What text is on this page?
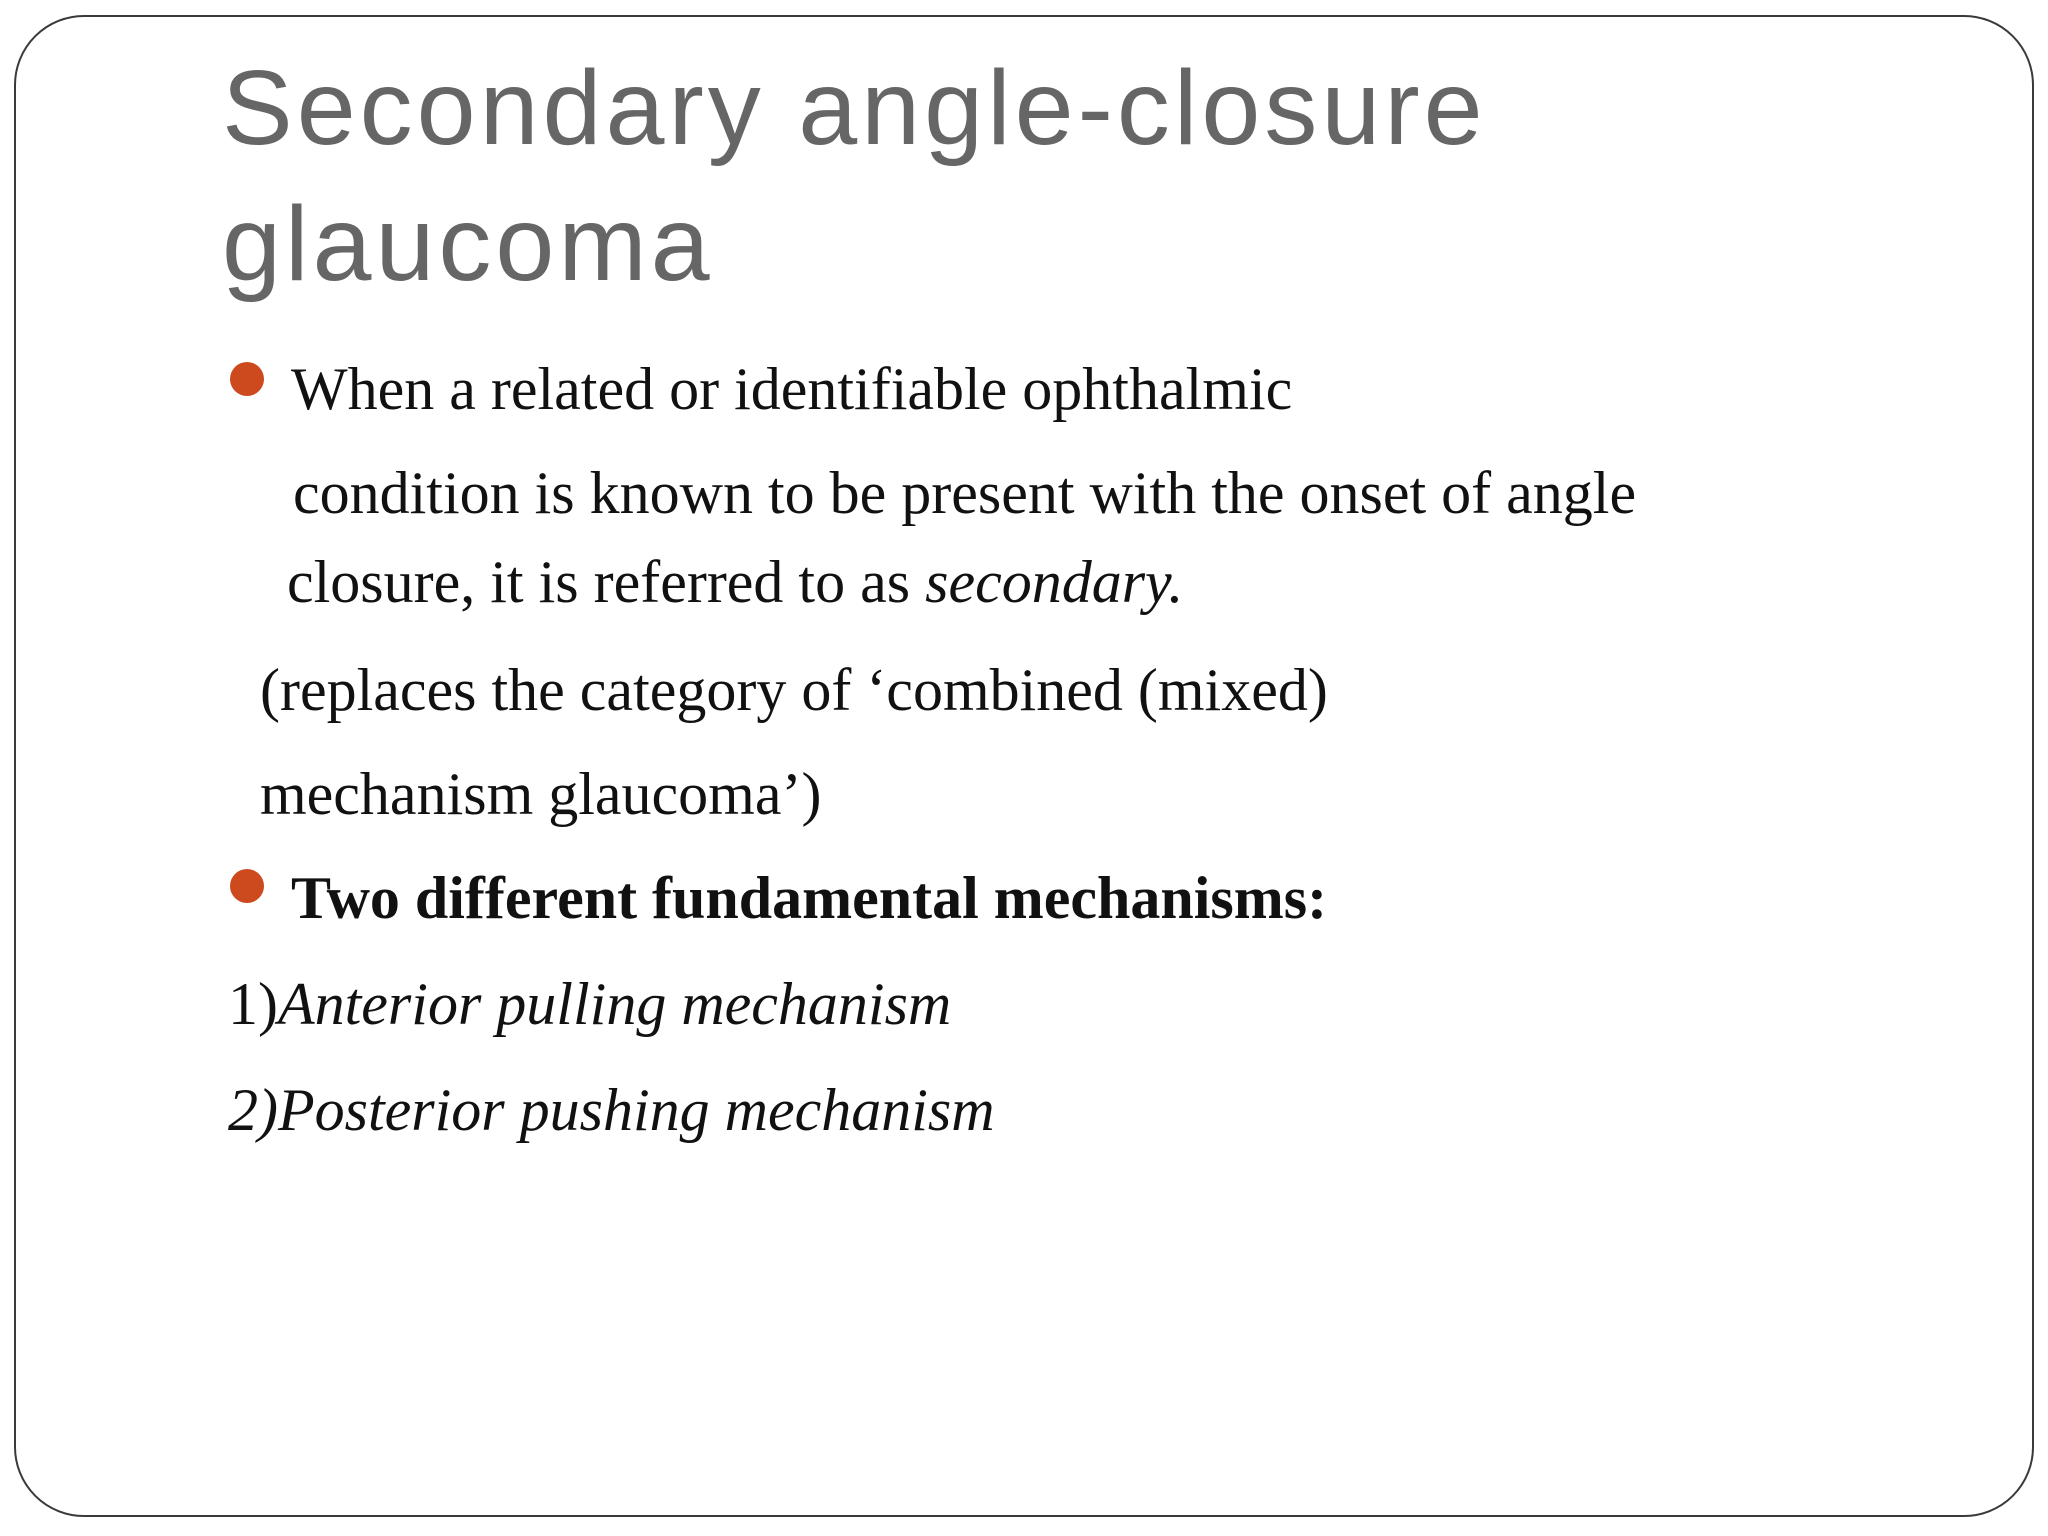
Secondary angle-closure glaucoma

When a related or identifiable ophthalmic

condition is known to be present with the onset of angle

closure, it is referred to as secondary.

(replaces the category of ‘combined (mixed)

mechanism glaucoma’)

Two different fundamental mechanisms:

1)Anterior pulling mechanism

2)Posterior pushing mechanism
